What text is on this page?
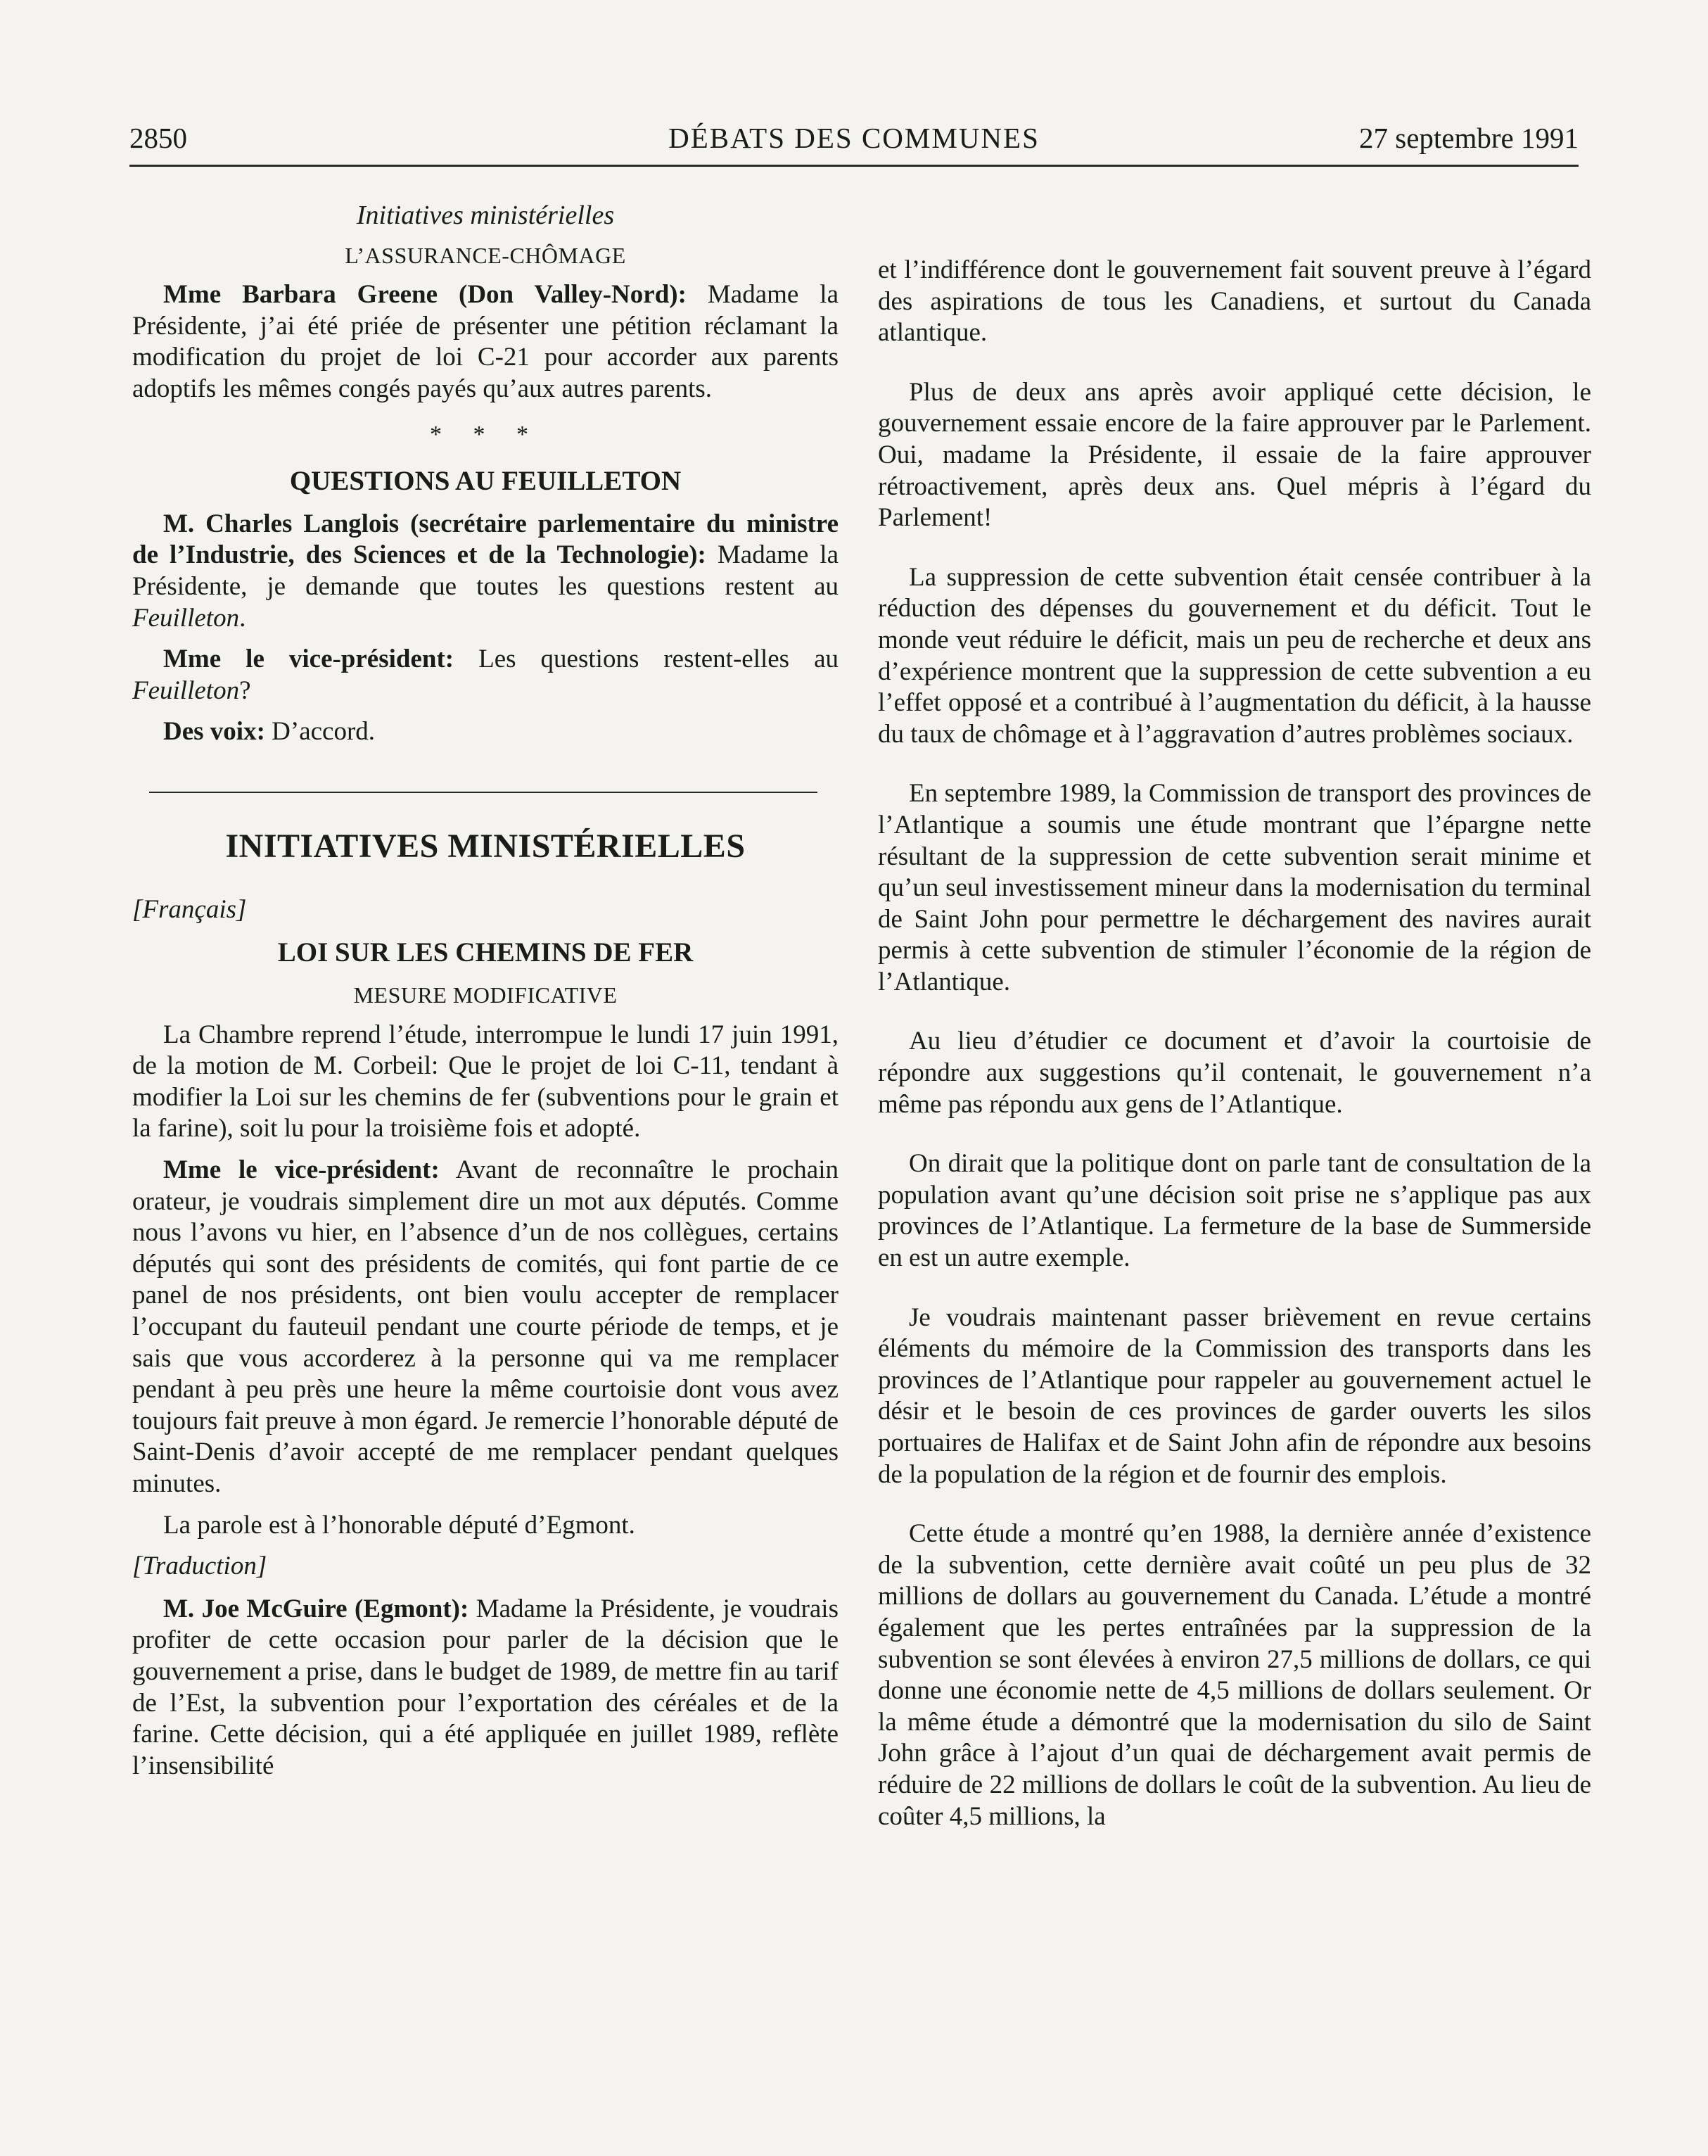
2850	DÉBATS DES COMMUNES	27 septembre 1991
Initiatives ministérielles
L’ASSURANCE-CHÔMAGE

Mme Barbara Greene (Don Valley-Nord): Madame la Présidente, j’ai été priée de présenter une pétition réclamant la modification du projet de loi C-21 pour accorder aux parents adoptifs les mêmes congés payés qu’aux autres parents.

* * *
QUESTIONS AU FEUILLETON

M. Charles Langlois (secrétaire parlementaire du ministre de l’Industrie, des Sciences et de la Technologie): Madame la Présidente, je demande que toutes les questions restent au Feuilleton.

Mme le vice-président: Les questions restent-elles au Feuilleton?

Des voix: D’accord.

INITIATIVES MINISTÉRIELLES
[Français]
LOI SUR LES CHEMINS DE FER
MESURE MODIFICATIVE

La Chambre reprend l’étude, interrompue le lundi 17 juin 1991, de la motion de M. Corbeil: Que le projet de loi C-11, tendant à modifier la Loi sur les chemins de fer (subventions pour le grain et la farine), soit lu pour la troisième fois et adopté.

Mme le vice-président: Avant de reconnaître le prochain orateur, je voudrais simplement dire un mot aux députés. Comme nous l’avons vu hier, en l’absence d’un de nos collègues, certains députés qui sont des présidents de comités, qui font partie de ce panel de nos présidents, ont bien voulu accepter de remplacer l’occupant du fauteuil pendant une courte période de temps, et je sais que vous accorderez à la personne qui va me remplacer pendant à peu près une heure la même courtoisie dont vous avez toujours fait preuve à mon égard. Je remercie l’honorable député de Saint-Denis d’avoir accepté de me remplacer pendant quelques minutes.

La parole est à l’honorable député d’Egmont.

[Traduction]

M. Joe McGuire (Egmont): Madame la Présidente, je voudrais profiter de cette occasion pour parler de la décision que le gouvernement a prise, dans le budget de 1989, de mettre fin au tarif de l’Est, la subvention pour l’exportation des céréales et de la farine. Cette décision, qui a été appliquée en juillet 1989, reflète l’insensibilité

et l’indifférence dont le gouvernement fait souvent preuve à l’égard des aspirations de tous les Canadiens, et surtout du Canada atlantique.

Plus de deux ans après avoir appliqué cette décision, le gouvernement essaie encore de la faire approuver par le Parlement. Oui, madame la Présidente, il essaie de la faire approuver rétroactivement, après deux ans. Quel mépris à l’égard du Parlement!

La suppression de cette subvention était censée contribuer à la réduction des dépenses du gouvernement et du déficit. Tout le monde veut réduire le déficit, mais un peu de recherche et deux ans d’expérience montrent que la suppression de cette subvention a eu l’effet opposé et a contribué à l’augmentation du déficit, à la hausse du taux de chômage et à l’aggravation d’autres problèmes sociaux.

En septembre 1989, la Commission de transport des provinces de l’Atlantique a soumis une étude montrant que l’épargne nette résultant de la suppression de cette subvention serait minime et qu’un seul investissement mineur dans la modernisation du terminal de Saint John pour permettre le déchargement des navires aurait permis à cette subvention de stimuler l’économie de la région de l’Atlantique.

Au lieu d’étudier ce document et d’avoir la courtoisie de répondre aux suggestions qu’il contenait, le gouvernement n’a même pas répondu aux gens de l’Atlantique.

On dirait que la politique dont on parle tant de consultation de la population avant qu’une décision soit prise ne s’applique pas aux provinces de l’Atlantique. La fermeture de la base de Summerside en est un autre exemple.

Je voudrais maintenant passer brièvement en revue certains éléments du mémoire de la Commission des transports dans les provinces de l’Atlantique pour rappeler au gouvernement actuel le désir et le besoin de ces provinces de garder ouverts les silos portuaires de Halifax et de Saint John afin de répondre aux besoins de la population de la région et de fournir des emplois.

Cette étude a montré qu’en 1988, la dernière année d’existence de la subvention, cette dernière avait coûté un peu plus de 32 millions de dollars au gouvernement du Canada. L’étude a montré également que les pertes entraînées par la suppression de la subvention se sont élevées à environ 27,5 millions de dollars, ce qui donne une économie nette de 4,5 millions de dollars seulement. Or la même étude a démontré que la modernisation du silo de Saint John grâce à l’ajout d’un quai de déchargement avait permis de réduire de 22 millions de dollars le coût de la subvention. Au lieu de coûter 4,5 millions, la
